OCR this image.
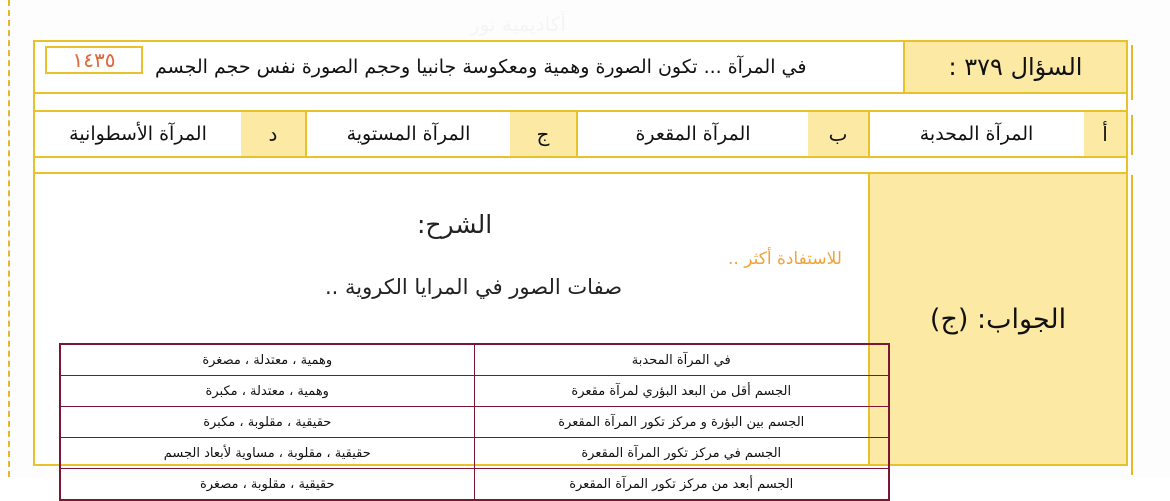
السؤال ٣٧٩ :
في المرآة ... تكون الصورة وهمية ومعكوسة جانبيا وحجم الصورة نفس حجم الجسم
١٤٣٥
أ
المرآة المحدبة
ب
المرآة المقعرة
ج
المرآة المستوية
د
المرآة الأسطوانية
الجواب: (ج)
الشرح:
للاستفادة أكثر ..
صفات الصور في المرايا الكروية ..
في المرآة المحدبة	وهمية ، معتدلة ، مصغرة
الجسم أقل من البعد البؤري لمرآة مقعرة	وهمية ، معتدلة ، مكبرة
الجسم بين البؤرة و مركز تكور المرآة المقعرة	حقيقية ، مقلوبة ، مكبرة
الجسم في مركز تكور المرآة المقعرة	حقيقية ، مقلوبة ، مساوية لأبعاد الجسم
الجسم أبعد من مركز تكور المرآة المقعرة	حقيقية ، مقلوبة ، مصغرة
